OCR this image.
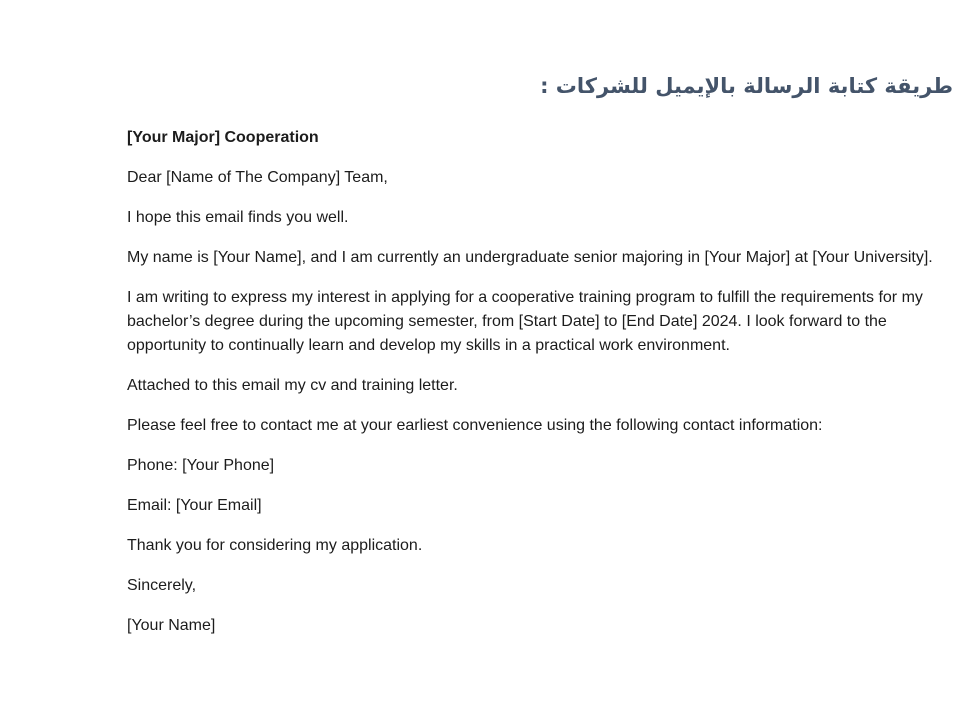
طريقة كتابة الرسالة بالإيميل للشركات :

[Your Major] Cooperation

Dear [Name of The Company] Team,

I hope this email finds you well.

My name is [Your Name], and I am currently an undergraduate senior majoring in [Your Major] at [Your University].

I am writing to express my interest in applying for a cooperative training program to fulfill the requirements for my bachelor’s degree during the upcoming semester, from [Start Date] to [End Date] 2024. I look forward to the opportunity to continually learn and develop my skills in a practical work environment.

Attached to this email my cv and training letter.

Please feel free to contact me at your earliest convenience using the following contact information:

Phone: [Your Phone]

Email: [Your Email]

Thank you for considering my application.

Sincerely,

[Your Name]
